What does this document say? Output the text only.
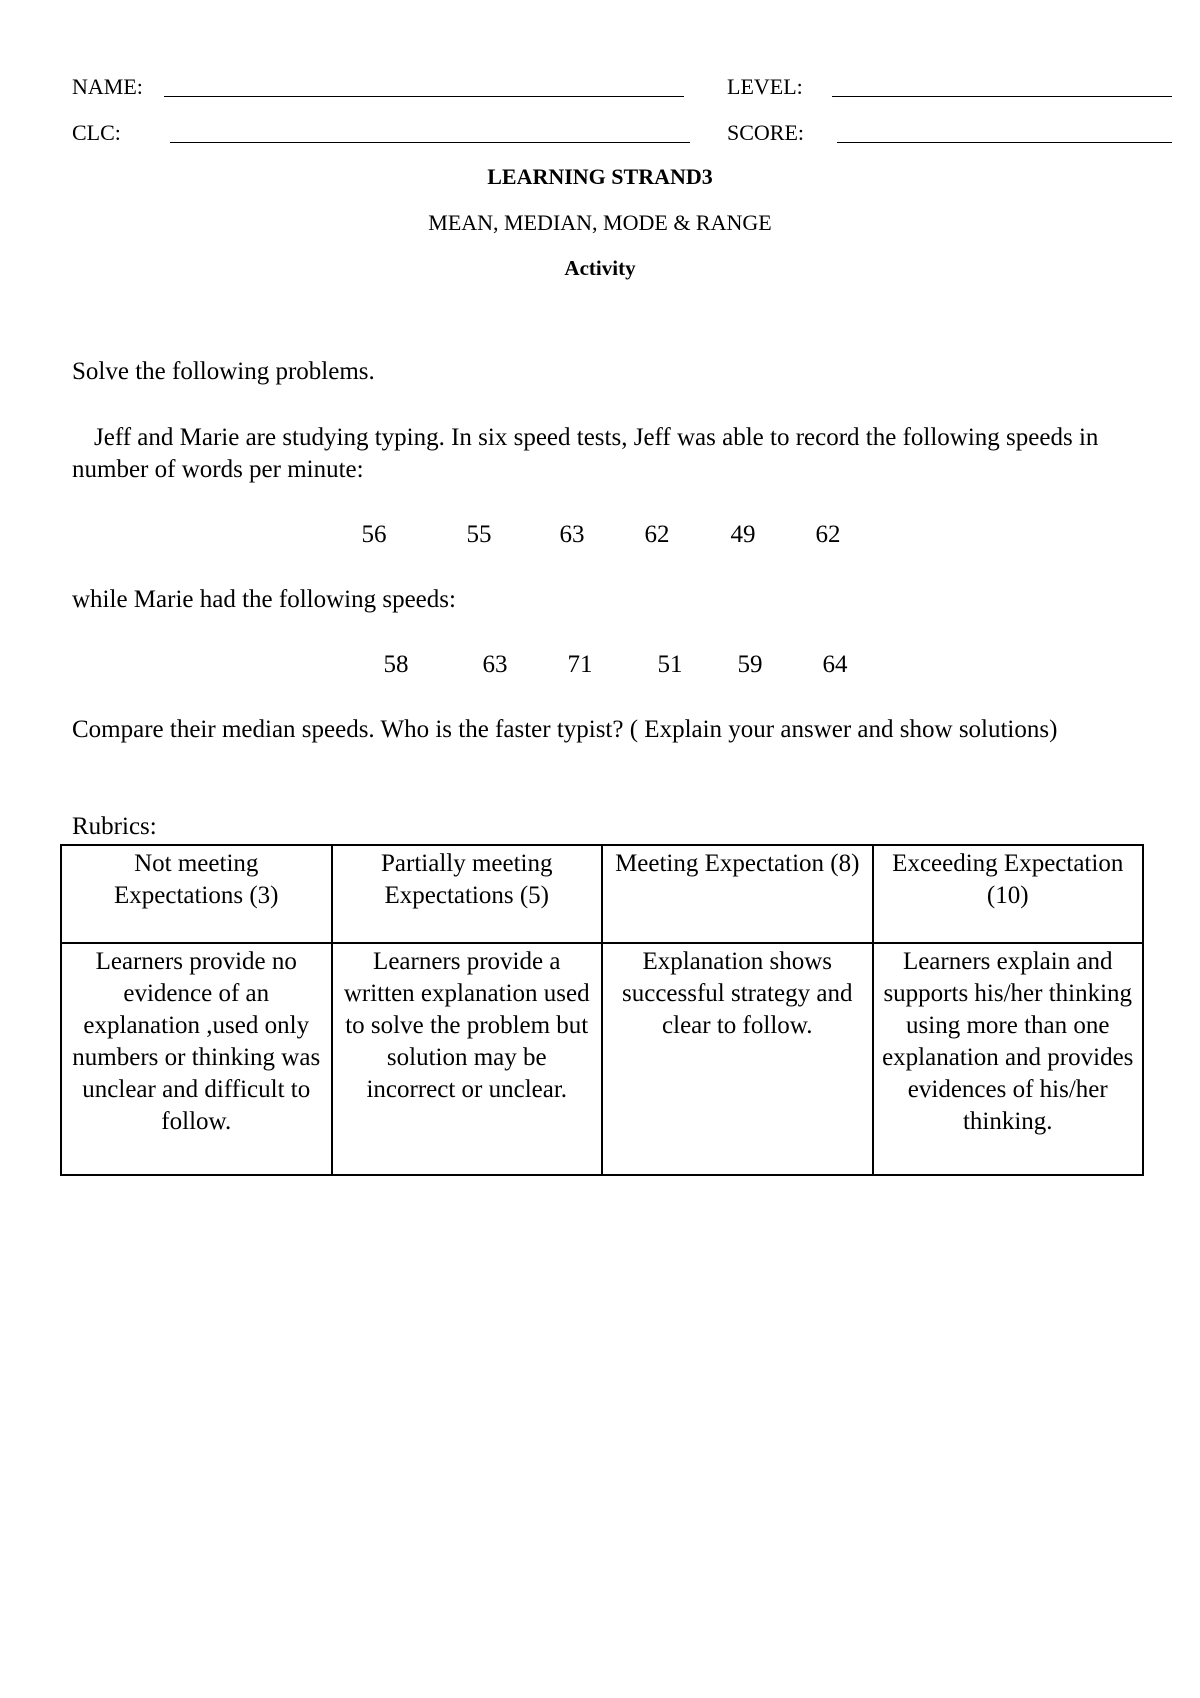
NAME:	LEVEL:
CLC:	SCORE:
LEARNING STRAND3
MEAN, MEDIAN, MODE & RANGE
Activity
Solve the following problems.
Jeff and Marie are studying typing. In six speed tests, Jeff was able to record the following speeds in number of words per minute:
56	55	63	62	49	62
while Marie had the following speeds:
58	63	71	51	59	64
Compare their median speeds. Who is the faster typist? ( Explain your answer and show solutions)
Rubrics:
Not meeting Expectations (3)	Partially meeting Expectations (5)	Meeting Expectation (8)	Exceeding Expectation (10)
Learners provide no evidence of an explanation ,used only numbers or thinking was unclear and difficult to follow.	Learners provide a written explanation used to solve the problem but solution may be incorrect or unclear.	Explanation shows successful strategy and clear to follow.	Learners explain and supports his/her thinking using more than one explanation and provides evidences of his/her thinking.
